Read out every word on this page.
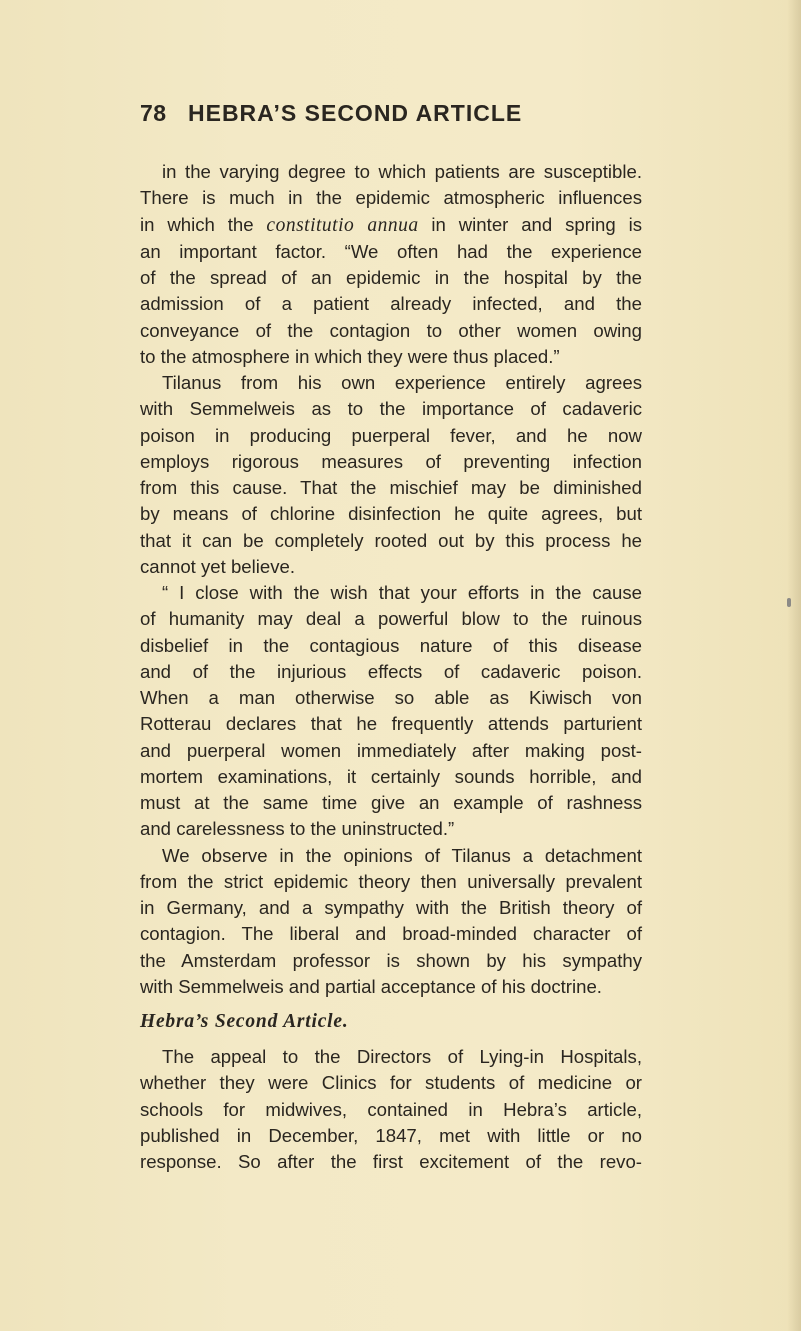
78 HEBRA’S SECOND ARTICLE

in the varying degree to which patients are susceptible.

There is much in the epidemic atmospheric influences

in which the constitutio annua in winter and spring is

an important factor. “We often had the experience

of the spread of an epidemic in the hospital by the

admission of a patient already infected, and the

conveyance of the contagion to other women owing

to the atmosphere in which they were thus placed.”

Tilanus from his own experience entirely agrees

with Semmelweis as to the importance of cadaveric

poison in producing puerperal fever, and he now

employs rigorous measures of preventing infection

from this cause. That the mischief may be diminished

by means of chlorine disinfection he quite agrees, but

that it can be completely rooted out by this process he

cannot yet believe.

“ I close with the wish that your efforts in the cause

of humanity may deal a powerful blow to the ruinous

disbelief in the contagious nature of this disease

and of the injurious effects of cadaveric poison.

When a man otherwise so able as Kiwisch von

Rotterau declares that he frequently attends parturient

and puerperal women immediately after making post-

mortem examinations, it certainly sounds horrible, and

must at the same time give an example of rashness

and carelessness to the uninstructed.”

We observe in the opinions of Tilanus a detachment

from the strict epidemic theory then universally prevalent

in Germany, and a sympathy with the British theory of

contagion. The liberal and broad-minded character of

the Amsterdam professor is shown by his sympathy

with Semmelweis and partial acceptance of his doctrine.

Hebra’s Second Article.

The appeal to the Directors of Lying-in Hospitals,

whether they were Clinics for students of medicine or

schools for midwives, contained in Hebra’s article,

published in December, 1847, met with little or no

response. So after the first excitement of the revo-
